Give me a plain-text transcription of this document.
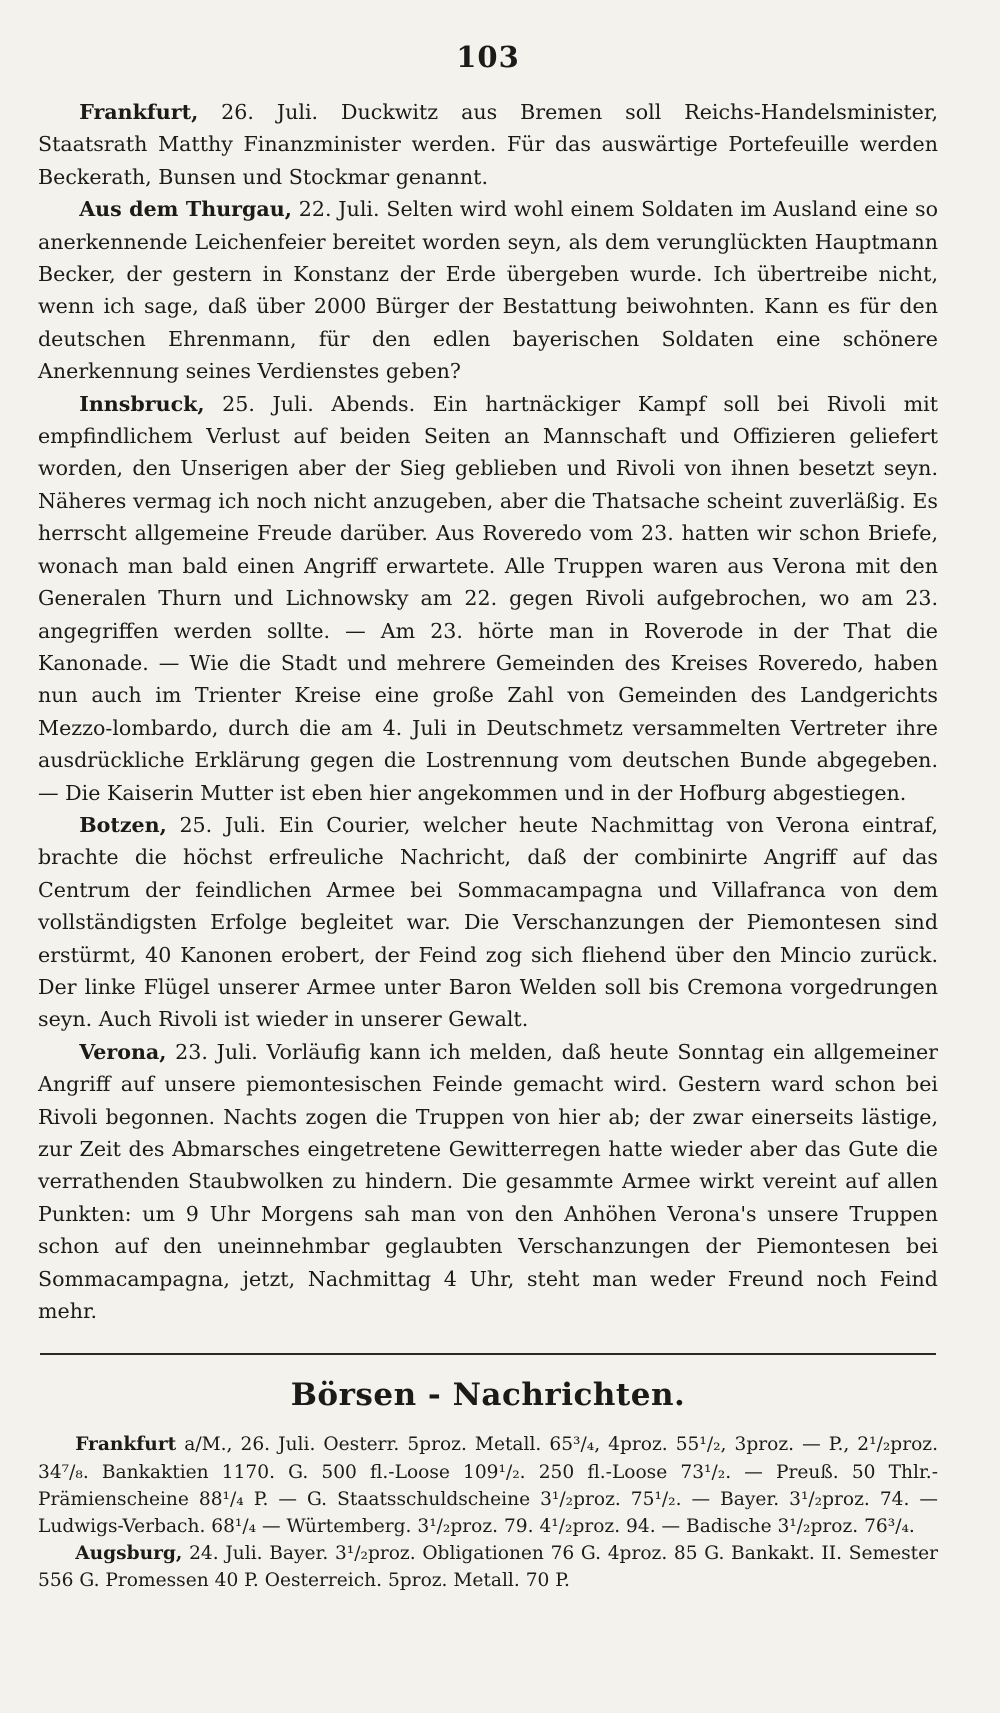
103

Frankfurt, 26. Juli. Duckwitz aus Bremen soll Reichs-Handelsminister, Staatsrath Matthy Finanzminister werden. Für das auswärtige Portefeuille werden Beckerath, Bunsen und Stockmar genannt.

Aus dem Thurgau, 22. Juli. Selten wird wohl einem Soldaten im Ausland eine so anerkennende Leichenfeier bereitet worden seyn, als dem verunglückten Hauptmann Becker, der gestern in Konstanz der Erde übergeben wurde. Ich übertreibe nicht, wenn ich sage, daß über 2000 Bürger der Bestattung beiwohnten. Kann es für den deutschen Ehrenmann, für den edlen bayerischen Soldaten eine schönere Anerkennung seines Verdienstes geben?

Innsbruck, 25. Juli. Abends. Ein hartnäckiger Kampf soll bei Rivoli mit empfindlichem Verlust auf beiden Seiten an Mannschaft und Offizieren geliefert worden, den Unserigen aber der Sieg geblieben und Rivoli von ihnen besetzt seyn. Näheres vermag ich noch nicht anzugeben, aber die Thatsache scheint zuverläßig. Es herrscht allgemeine Freude darüber. Aus Roveredo vom 23. hatten wir schon Briefe, wonach man bald einen Angriff erwartete. Alle Truppen waren aus Verona mit den Generalen Thurn und Lichnowsky am 22. gegen Rivoli aufgebrochen, wo am 23. angegriffen werden sollte. — Am 23. hörte man in Roverode in der That die Kanonade. — Wie die Stadt und mehrere Gemeinden des Kreises Roveredo, haben nun auch im Trienter Kreise eine große Zahl von Gemeinden des Landgerichts Mezzo-lombardo, durch die am 4. Juli in Deutschmetz versammelten Vertreter ihre ausdrückliche Erklärung gegen die Lostrennung vom deutschen Bunde abgegeben. — Die Kaiserin Mutter ist eben hier angekommen und in der Hofburg abgestiegen.

Botzen, 25. Juli. Ein Courier, welcher heute Nachmittag von Verona eintraf, brachte die höchst erfreuliche Nachricht, daß der combinirte Angriff auf das Centrum der feindlichen Armee bei Sommacampagna und Villafranca von dem vollständigsten Erfolge begleitet war. Die Verschanzungen der Piemontesen sind erstürmt, 40 Kanonen erobert, der Feind zog sich fliehend über den Mincio zurück. Der linke Flügel unserer Armee unter Baron Welden soll bis Cremona vorgedrungen seyn. Auch Rivoli ist wieder in unserer Gewalt.

Verona, 23. Juli. Vorläufig kann ich melden, daß heute Sonntag ein allgemeiner Angriff auf unsere piemontesischen Feinde gemacht wird. Gestern ward schon bei Rivoli begonnen. Nachts zogen die Truppen von hier ab; der zwar einerseits lästige, zur Zeit des Abmarsches eingetretene Gewitterregen hatte wieder aber das Gute die verrathenden Staubwolken zu hindern. Die gesammte Armee wirkt vereint auf allen Punkten: um 9 Uhr Morgens sah man von den Anhöhen Verona's unsere Truppen schon auf den uneinnehmbar geglaubten Verschanzungen der Piemontesen bei Sommacampagna, jetzt, Nachmittag 4 Uhr, steht man weder Freund noch Feind mehr.

Börsen - Nachrichten.

Frankfurt a/M., 26. Juli. Oesterr. 5proz. Metall. 65³/₄, 4proz. 55¹/₂, 3proz. — P., 2¹/₂proz. 34⁷/₈. Bankaktien 1170. G. 500 fl.-Loose 109¹/₂. 250 fl.-Loose 73¹/₂. — Preuß. 50 Thlr.-Prämienscheine 88¹/₄ P. — G. Staatsschuldscheine 3¹/₂proz. 75¹/₂. — Bayer. 3¹/₂proz. 74. — Ludwigs-Verbach. 68¹/₄ — Würtemberg. 3¹/₂proz. 79. 4¹/₂proz. 94. — Badische 3¹/₂proz. 76³/₄.

Augsburg, 24. Juli. Bayer. 3¹/₂proz. Obligationen 76 G. 4proz. 85 G. Bankakt. II. Semester 556 G. Promessen 40 P. Oesterreich. 5proz. Metall. 70 P.
